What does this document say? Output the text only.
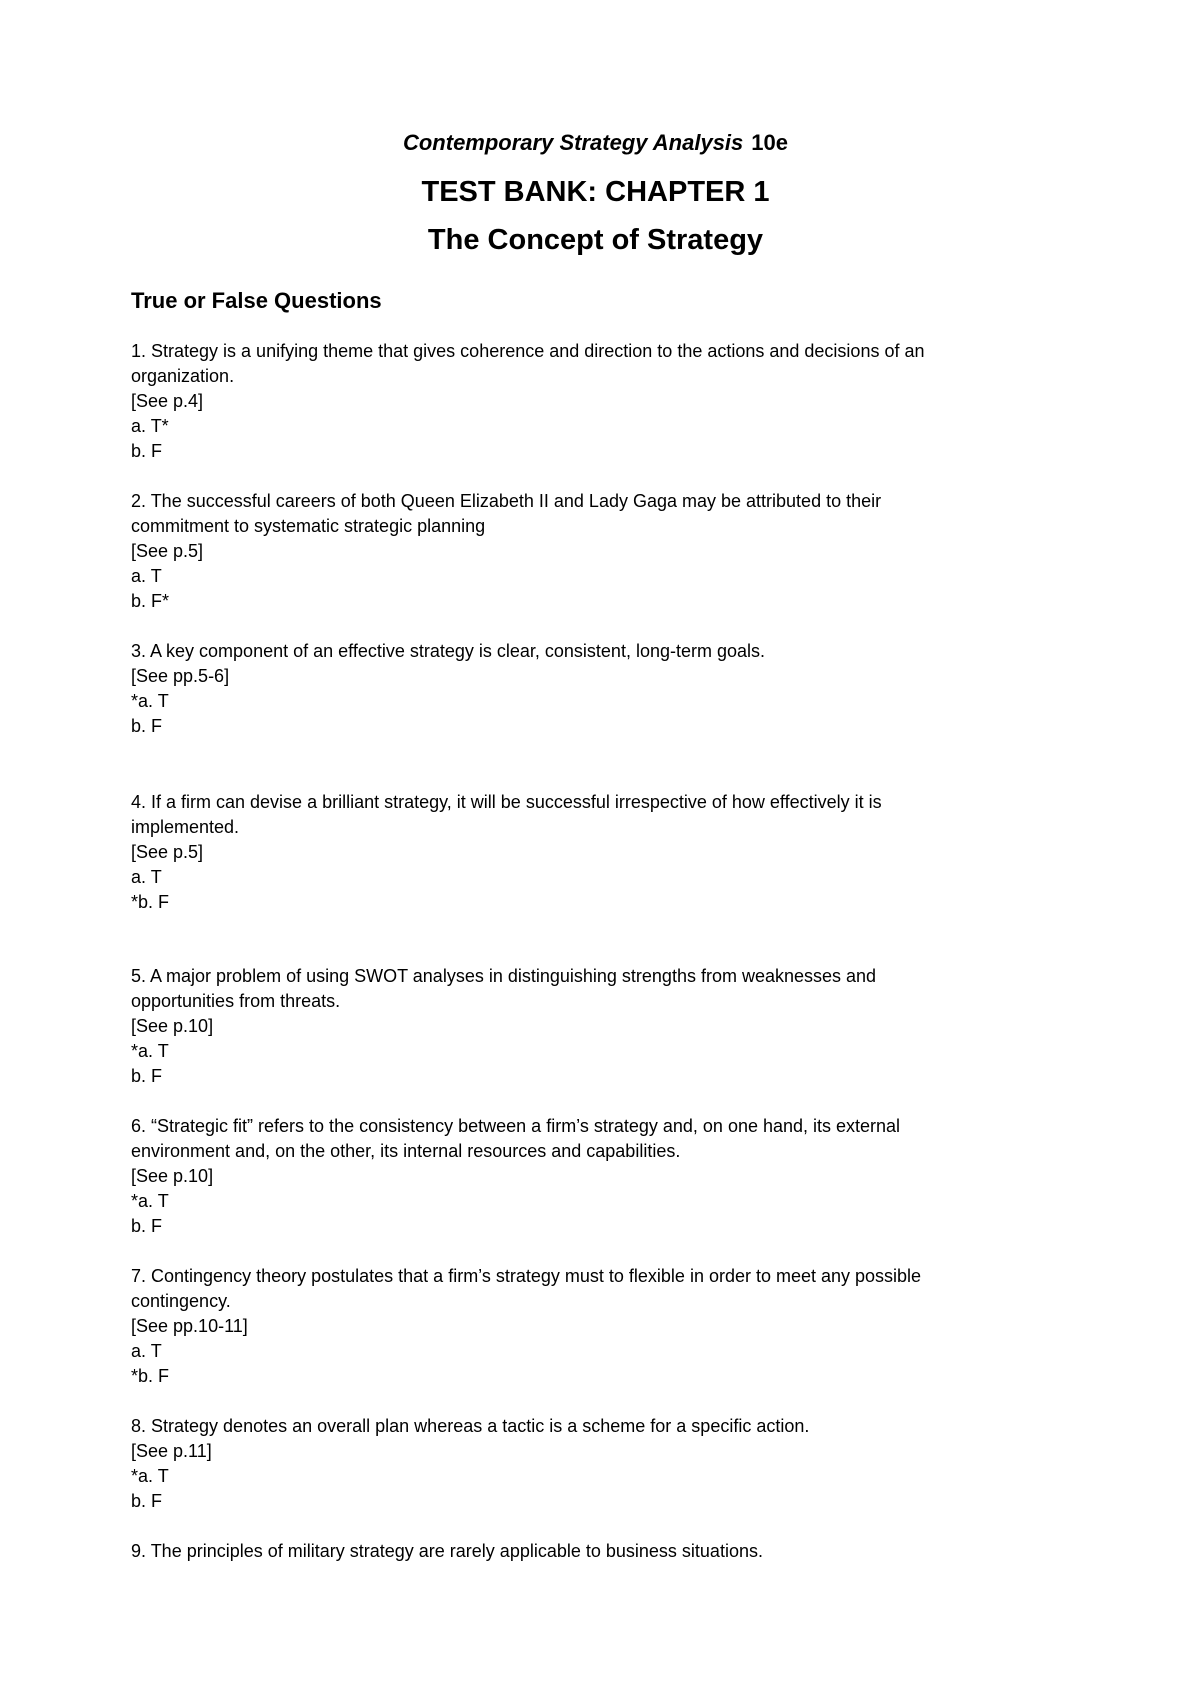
Contemporary Strategy Analysis 10e
TEST BANK: CHAPTER 1
The Concept of Strategy
True or False Questions
1. Strategy is a unifying theme that gives coherence and direction to the actions and decisions of an
organization.
[See p.4]
a. T*
b. F
2. The successful careers of both Queen Elizabeth II and Lady Gaga may be attributed to their
commitment to systematic strategic planning
[See p.5]
a. T
b. F*
3. A key component of an effective strategy is clear, consistent, long-term goals.
[See pp.5-6]
*a. T
b. F
4. If a firm can devise a brilliant strategy, it will be successful irrespective of how effectively it is
implemented.
[See p.5]
a. T
*b. F
5. A major problem of using SWOT analyses in distinguishing strengths from weaknesses and
opportunities from threats.
[See p.10]
*a. T
b. F
6. “Strategic fit” refers to the consistency between a firm’s strategy and, on one hand, its external
environment and, on the other, its internal resources and capabilities.
[See p.10]
*a. T
b. F
7. Contingency theory postulates that a firm’s strategy must to flexible in order to meet any possible
contingency.
[See pp.10-11]
a. T
*b. F
8. Strategy denotes an overall plan whereas a tactic is a scheme for a specific action.
[See p.11]
*a. T
b. F
9. The principles of military strategy are rarely applicable to business situations.
